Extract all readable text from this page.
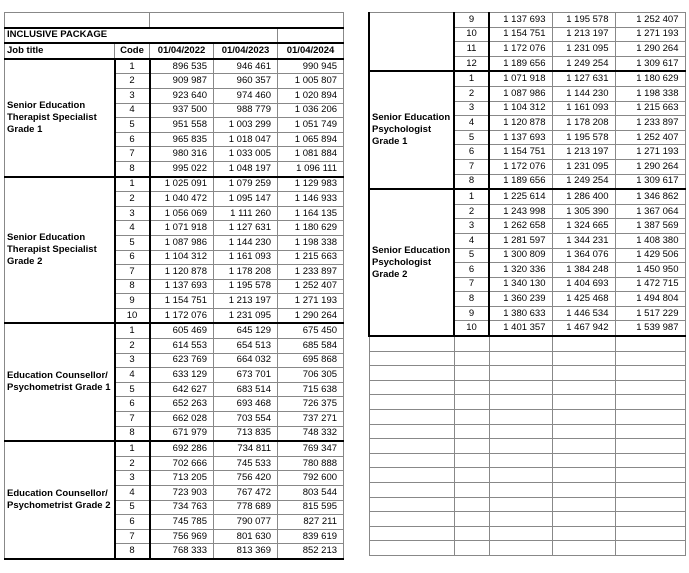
INCLUSIVE PACKAGE				
Job title	Code	01/04/2022	01/04/2023	01/04/2024
Senior Education Therapist Specialist Grade 1	1	896 535	946 461	990 945
	2	909 987	960 357	1 005 807
	3	923 640	974 460	1 020 894
	4	937 500	988 779	1 036 206
	5	951 558	1 003 299	1 051 749
	6	965 835	1 018 047	1 065 894
	7	980 316	1 033 005	1 081 884
	8	995 022	1 048 197	1 096 111
Senior Education Therapist Specialist Grade 2	1	1 025 091	1 079 259	1 129 983
	2	1 040 472	1 095 147	1 146 933
	3	1 056 069	1 111 260	1 164 135
	4	1 071 918	1 127 631	1 180 629
	5	1 087 986	1 144 230	1 198 338
	6	1 104 312	1 161 093	1 215 663
	7	1 120 878	1 178 208	1 233 897
	8	1 137 693	1 195 578	1 252 407
	9	1 154 751	1 213 197	1 271 193
	10	1 172 076	1 231 095	1 290 264
Education Counsellor/ Psychometrist Grade 1	1	605 469	645 129	675 450
	2	614 553	654 513	685 584
	3	623 769	664 032	695 868
	4	633 129	673 701	706 305
	5	642 627	683 514	715 638
	6	652 263	693 468	726 375
	7	662 028	703 554	737 271
	8	671 979	713 835	748 332
Education Counsellor/ Psychometrist Grade 2	1	692 286	734 811	769 347
	2	702 666	745 533	780 888
	3	713 205	756 420	792 600
	4	723 903	767 472	803 544
	5	734 763	778 689	815 595
	6	745 785	790 077	827 211
	7	756 969	801 630	839 619
	8	768 333	813 369	852 213
	9	1 137 693	1 195 578	1 252 407
	10	1 154 751	1 213 197	1 271 193
	11	1 172 076	1 231 095	1 290 264
	12	1 189 656	1 249 254	1 309 617
Senior Education Psychologist Grade 1	1	1 071 918	1 127 631	1 180 629
	2	1 087 986	1 144 230	1 198 338
	3	1 104 312	1 161 093	1 215 663
	4	1 120 878	1 178 208	1 233 897
	5	1 137 693	1 195 578	1 252 407
	6	1 154 751	1 213 197	1 271 193
	7	1 172 076	1 231 095	1 290 264
	8	1 189 656	1 249 254	1 309 617
Senior Education Psychologist Grade 2	1	1 225 614	1 286 400	1 346 862
	2	1 243 998	1 305 390	1 367 064
	3	1 262 658	1 324 665	1 387 569
	4	1 281 597	1 344 231	1 408 380
	5	1 300 809	1 364 076	1 429 506
	6	1 320 336	1 384 248	1 450 950
	7	1 340 130	1 404 693	1 472 715
	8	1 360 239	1 425 468	1 494 804
	9	1 380 633	1 446 534	1 517 229
	10	1 401 357	1 467 942	1 539 987
